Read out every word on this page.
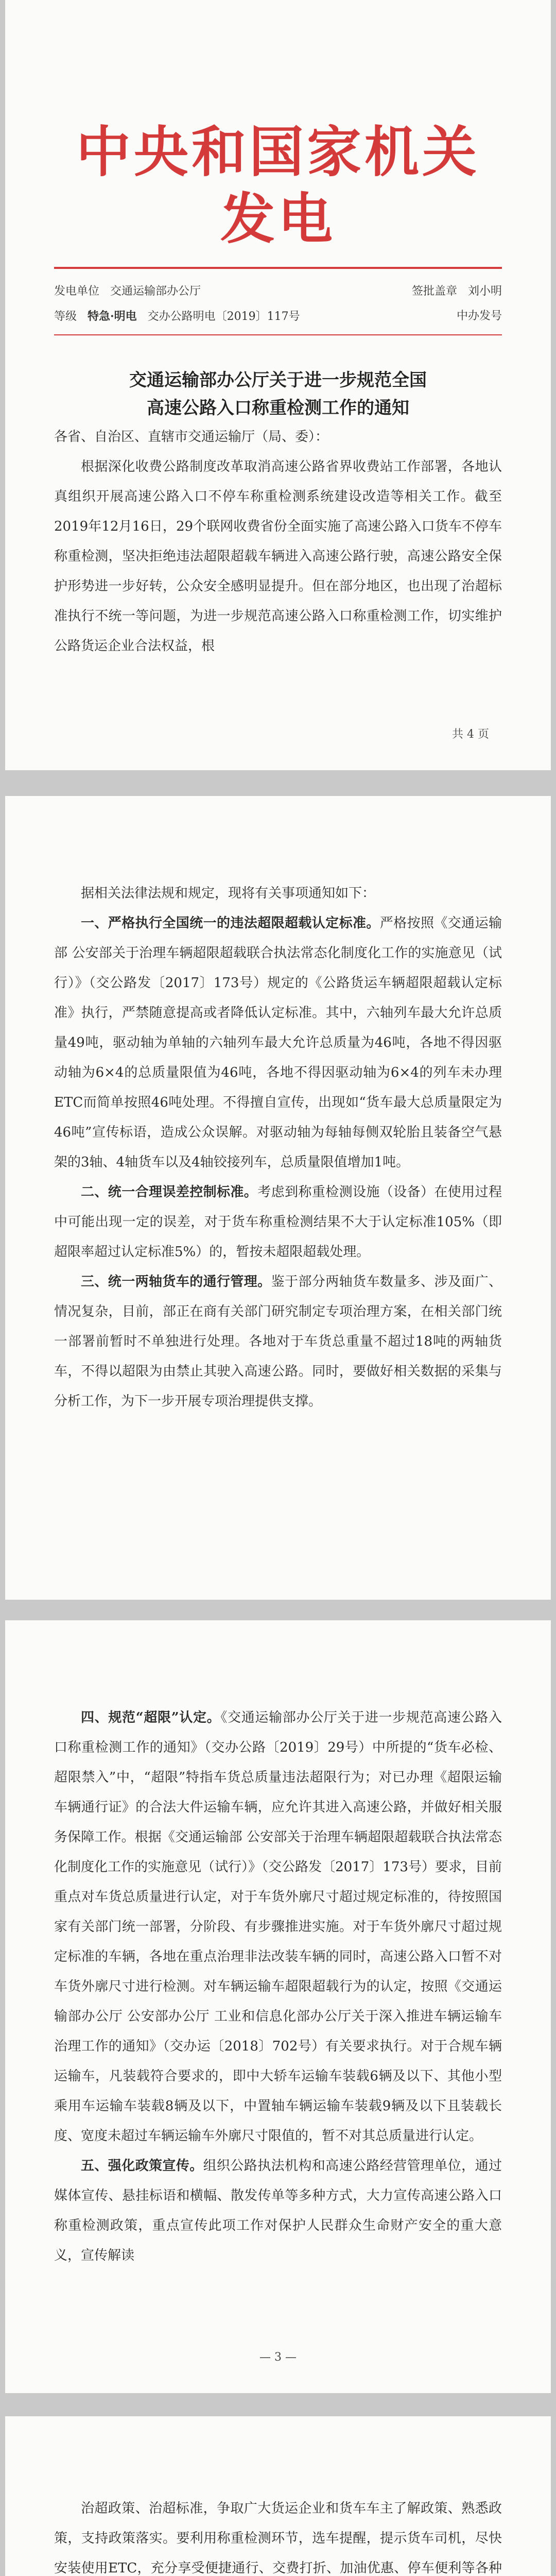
中央和国家机关发电
发电单位 交通运输部办公厅	签批盖章 刘小明
等级 特急·明电 交办公路明电〔2019〕117号	中办发号
交通运输部办公厅关于进一步规范全国
高速公路入口称重检测工作的通知

各省、自治区、直辖市交通运输厅（局、委）：

根据深化收费公路制度改革取消高速公路省界收费站工作部署，各地认真组织开展高速公路入口不停车称重检测系统建设改造等相关工作。截至2019年12月16日，29个联网收费省份全面实施了高速公路入口货车不停车称重检测，坚决拒绝违法超限超载车辆进入高速公路行驶，高速公路安全保护形势进一步好转，公众安全感明显提升。但在部分地区，也出现了治超标准执行不统一等问题，为进一步规范高速公路入口称重检测工作，切实维护公路货运企业合法权益，根

共 4 页

据相关法律法规和规定，现将有关事项通知如下：

一、严格执行全国统一的违法超限超载认定标准。严格按照《交通运输部 公安部关于治理车辆超限超载联合执法常态化制度化工作的实施意见（试行）》（交公路发〔2017〕173号）规定的《公路货运车辆超限超载认定标准》执行，严禁随意提高或者降低认定标准。其中，六轴列车最大允许总质量49吨，驱动轴为单轴的六轴列车最大允许总质量为46吨，各地不得因驱动轴为6×4的总质量限值为46吨，各地不得因驱动轴为6×4的列车未办理ETC而简单按照46吨处理。不得擅自宣传，出现如“货车最大总质量限定为46吨”宣传标语，造成公众误解。对驱动轴为每轴每侧双轮胎且装备空气悬架的3轴、4轴货车以及4轴铰接列车，总质量限值增加1吨。

二、统一合理误差控制标准。考虑到称重检测设施（设备）在使用过程中可能出现一定的误差，对于货车称重检测结果不大于认定标准105%（即超限率超过认定标准5%）的，暂按未超限超载处理。

三、统一两轴货车的通行管理。鉴于部分两轴货车数量多、涉及面广、情况复杂，目前，部正在商有关部门研究制定专项治理方案，在相关部门统一部署前暂时不单独进行处理。各地对于车货总重量不超过18吨的两轴货车，不得以超限为由禁止其驶入高速公路。同时，要做好相关数据的采集与分析工作，为下一步开展专项治理提供支撑。

四、规范“超限”认定。《交通运输部办公厅关于进一步规范高速公路入口称重检测工作的通知》（交办公路〔2019〕29号）中所提的“货车必检、超限禁入”中，“超限”特指车货总质量违法超限行为；对已办理《超限运输车辆通行证》的合法大件运输车辆，应允许其进入高速公路，并做好相关服务保障工作。根据《交通运输部 公安部关于治理车辆超限超载联合执法常态化制度化工作的实施意见（试行）》（交公路发〔2017〕173号）要求，目前重点对车货总质量进行认定，对于车货外廓尺寸超过规定标准的，待按照国家有关部门统一部署，分阶段、有步骤推进实施。对于车货外廓尺寸超过规定标准的车辆，各地在重点治理非法改装车辆的同时，高速公路入口暂不对车货外廓尺寸进行检测。对车辆运输车超限超载行为的认定，按照《交通运输部办公厅 公安部办公厅 工业和信息化部办公厅关于深入推进车辆运输车治理工作的通知》（交办运〔2018〕702号）有关要求执行。对于合规车辆运输车，凡装载符合要求的，即中大轿车运输车装载6辆及以下、其他小型乘用车运输车装载8辆及以下，中置轴车辆运输车装载9辆及以下且装载长度、宽度未超过车辆运输车外廓尺寸限值的，暂不对其总质量进行认定。

五、强化政策宣传。组织公路执法机构和高速公路经营管理单位，通过媒体宣传、悬挂标语和横幅、散发传单等多种方式，大力宣传高速公路入口称重检测政策，重点宣传此项工作对保护人民群众生命财产安全的重大意义，宣传解读

— 3 —

治超政策、治超标准，争取广大货运企业和货车车主了解政策、熟悉政策，支持政策落实。要利用称重检测环节，选车提醒，提示货车司机，尽快安装使用ETC，充分享受便捷通行、交费打折、加油优惠、停车便利等各种
